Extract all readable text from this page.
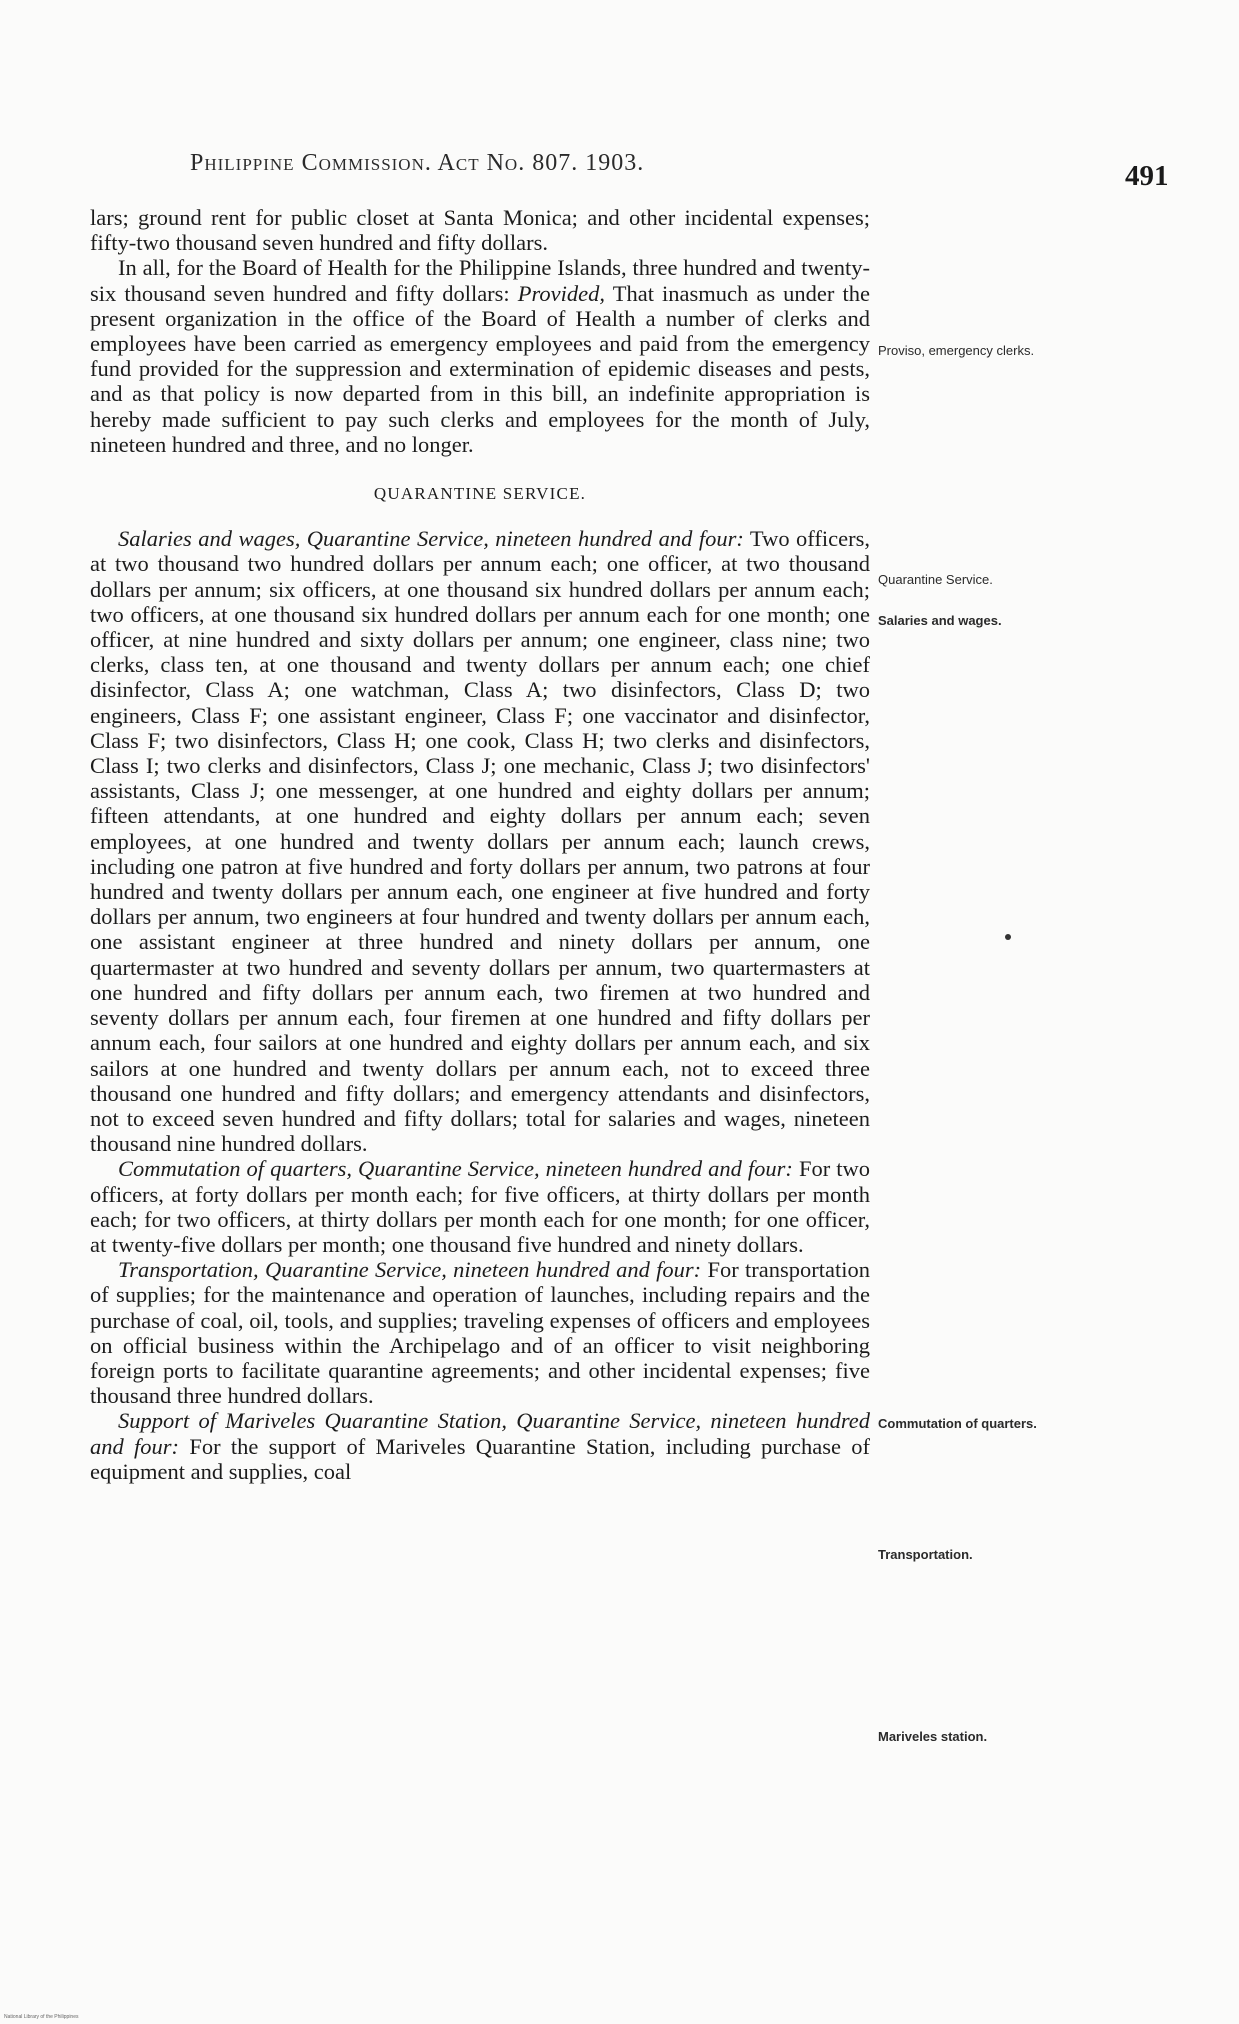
Philippine Commission. Act No. 807. 1903.	491

lars; ground rent for public closet at Santa Monica; and other incidental expenses; fifty-two thousand seven hundred and fifty dollars.

In all, for the Board of Health for the Philippine Islands, three hundred and twenty-six thousand seven hundred and fifty dollars: Provided, That inasmuch as under the present organization in the office of the Board of Health a number of clerks and employees have been carried as emergency employees and paid from the emergency fund provided for the suppression and extermination of epidemic diseases and pests, and as that policy is now departed from in this bill, an indefinite appropriation is hereby made sufficient to pay such clerks and employees for the month of July, nineteen hundred and three, and no longer.

QUARANTINE SERVICE.

Salaries and wages, Quarantine Service, nineteen hundred and four: Two officers, at two thousand two hundred dollars per annum each; one officer, at two thousand dollars per annum; six officers, at one thousand six hundred dollars per annum each; two officers, at one thousand six hundred dollars per annum each for one month; one officer, at nine hundred and sixty dollars per annum; one engineer, class nine; two clerks, class ten, at one thousand and twenty dollars per annum each; one chief disinfector, Class A; one watchman, Class A; two disinfectors, Class D; two engineers, Class F; one assistant engineer, Class F; one vaccinator and disinfector, Class F; two disinfectors, Class H; one cook, Class H; two clerks and disinfectors, Class I; two clerks and disinfectors, Class J; one mechanic, Class J; two disinfectors' assistants, Class J; one messenger, at one hundred and eighty dollars per annum; fifteen attendants, at one hundred and eighty dollars per annum each; seven employees, at one hundred and twenty dollars per annum each; launch crews, including one patron at five hundred and forty dollars per annum, two patrons at four hundred and twenty dollars per annum each, one engineer at five hundred and forty dollars per annum, two engineers at four hundred and twenty dollars per annum each, one assistant engineer at three hundred and ninety dollars per annum, one quartermaster at two hundred and seventy dollars per annum, two quartermasters at one hundred and fifty dollars per annum each, two firemen at two hundred and seventy dollars per annum each, four firemen at one hundred and fifty dollars per annum each, four sailors at one hundred and eighty dollars per annum each, and six sailors at one hundred and twenty dollars per annum each, not to exceed three thousand one hundred and fifty dollars; and emergency attendants and disinfectors, not to exceed seven hundred and fifty dollars; total for salaries and wages, nineteen thousand nine hundred dollars.

Commutation of quarters, Quarantine Service, nineteen hundred and four: For two officers, at forty dollars per month each; for five officers, at thirty dollars per month each; for two officers, at thirty dollars per month each for one month; for one officer, at twenty-five dollars per month; one thousand five hundred and ninety dollars.

Transportation, Quarantine Service, nineteen hundred and four: For transportation of supplies; for the maintenance and operation of launches, including repairs and the purchase of coal, oil, tools, and supplies; traveling expenses of officers and employees on official business within the Archipelago and of an officer to visit neighboring foreign ports to facilitate quarantine agreements; and other incidental expenses; five thousand three hundred dollars.

Support of Mariveles Quarantine Station, Quarantine Service, nineteen hundred and four: For the support of Mariveles Quarantine Station, including purchase of equipment and supplies, coal

Proviso, emergency clerks.
Quarantine Service.
Salaries and wages.
Commutation of quarters.
Transportation.
Mariveles station.
National Library of the Philippines
